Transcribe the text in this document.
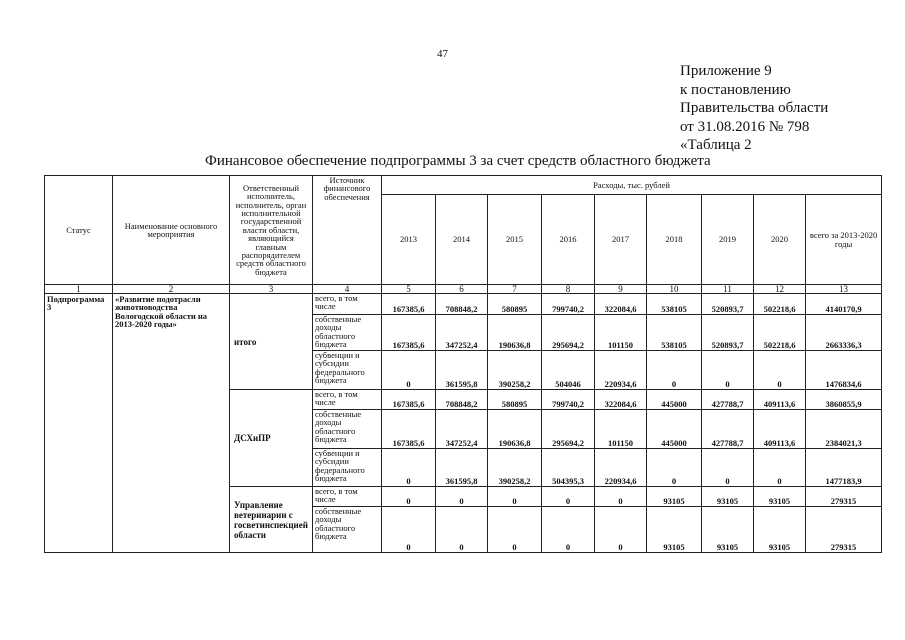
47
Приложение 9
к постановлению
Правительства области
от 31.08.2016 № 798
«Таблица 2
Финансовое обеспечение подпрограммы 3 за счет средств областного бюджета
Статус	Наименование основного мероприятия	Ответственный исполнитель, исполнитель, орган исполнительной государственной власти области, являющийся главным распорядителем средств областного бюджета	Источник финансового обеспечения	Расходы, тыс. рублей								
				2013	2014	2015	2016	2017	2018	2019	2020	всего за 2013-2020 годы
1	2	3	4	5	6	7	8	9	10	11	12	13
Подпрограмма 3	«Развитие подотрасли животноводства Вологодской области на 2013-2020 годы»	итого	всего, в том числе	167385,6	708848,2	580895	799740,2	322084,6	538105	520893,7	502218,6	4140170,9
			собственные доходы областного бюджета	167385,6	347252,4	190636,8	295694,2	101150	538105	520893,7	502218,6	2663336,3
			субвенции и субсидии федерального бюджета	0	361595,8	390258,2	504046	220934,6	0	0	0	1476834,6
		ДСХиПР	всего, в том числе	167385,6	708848,2	580895	799740,2	322084,6	445000	427788,7	409113,6	3860855,9
			собственные доходы областного бюджета	167385,6	347252,4	190636,8	295694,2	101150	445000	427788,7	409113,6	2384021,3
			субвенции и субсидии федерального бюджета	0	361595,8	390258,2	504395,3	220934,6	0	0	0	1477183,9
		Управление ветеринарии с госветинспекцией области	всего, в том числе	0	0	0	0	0	93105	93105	93105	279315
			собственные доходы областного бюджета	0	0	0	0	0	93105	93105	93105	279315
